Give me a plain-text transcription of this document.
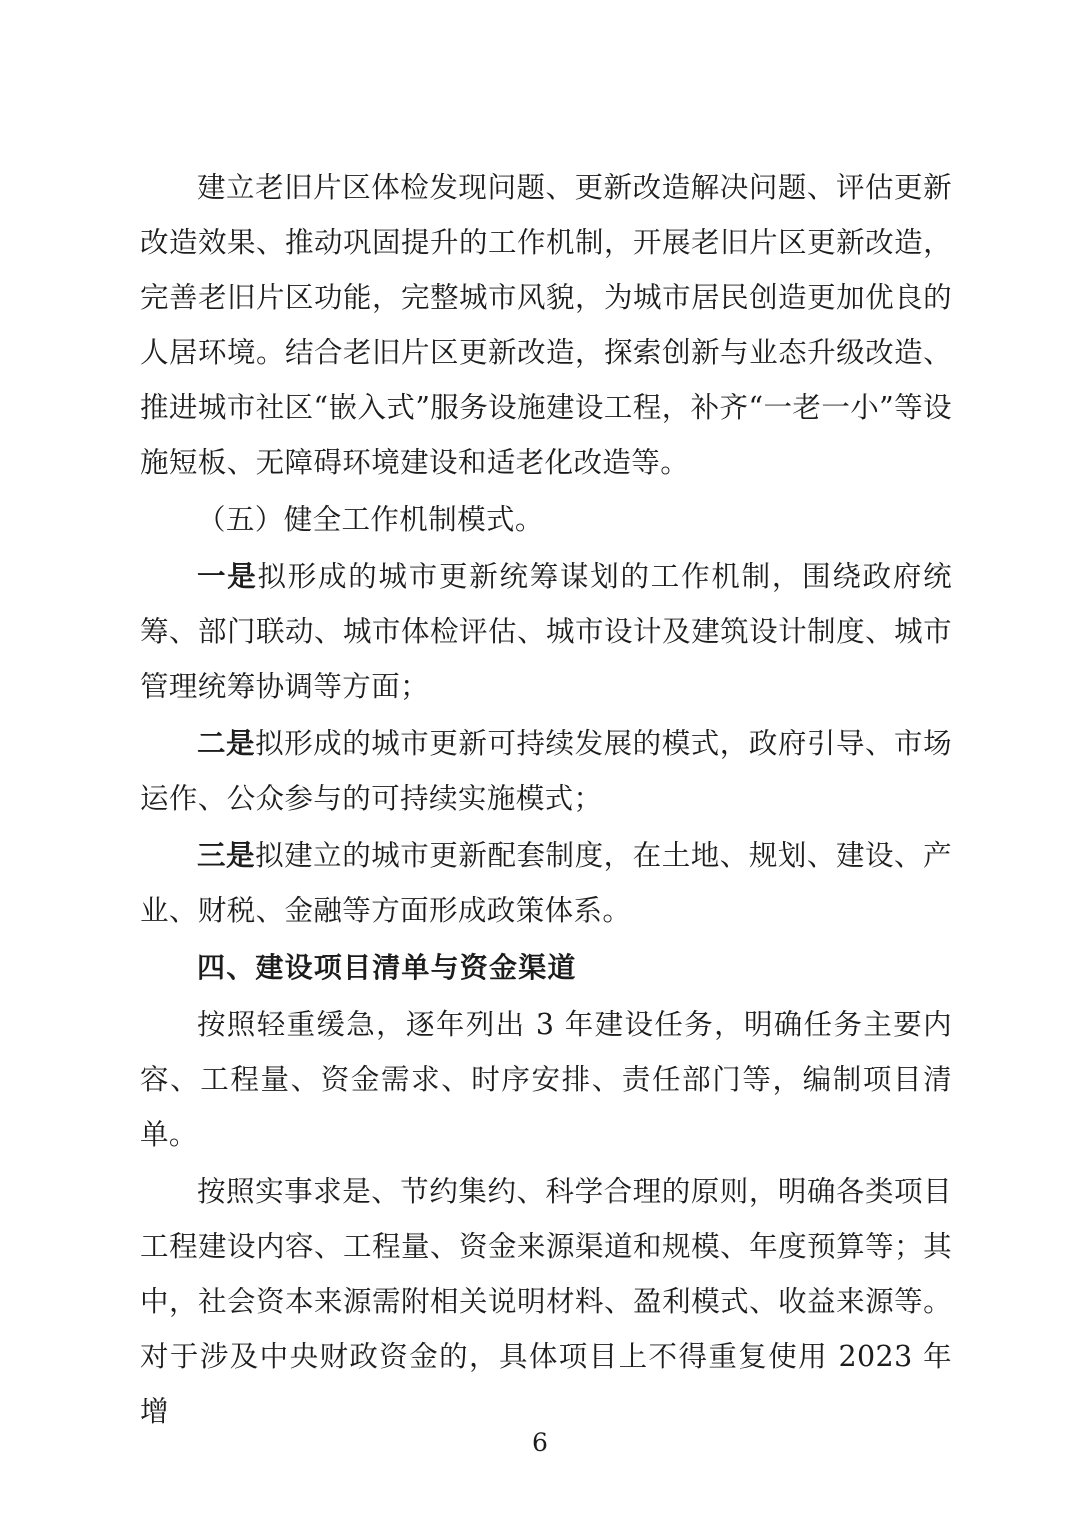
建立老旧片区体检发现问题、更新改造解决问题、评估更新改造效果、推动巩固提升的工作机制，开展老旧片区更新改造，完善老旧片区功能，完整城市风貌，为城市居民创造更加优良的人居环境。结合老旧片区更新改造，探索创新与业态升级改造、推进城市社区“嵌入式”服务设施建设工程，补齐“一老一小”等设施短板、无障碍环境建设和适老化改造等。

（五）健全工作机制模式。

一是拟形成的城市更新统筹谋划的工作机制，围绕政府统筹、部门联动、城市体检评估、城市设计及建筑设计制度、城市管理统筹协调等方面；

二是拟形成的城市更新可持续发展的模式，政府引导、市场运作、公众参与的可持续实施模式；

三是拟建立的城市更新配套制度，在土地、规划、建设、产业、财税、金融等方面形成政策体系。

四、建设项目清单与资金渠道

按照轻重缓急，逐年列出 3 年建设任务，明确任务主要内容、工程量、资金需求、时序安排、责任部门等，编制项目清单。

按照实事求是、节约集约、科学合理的原则，明确各类项目工程建设内容、工程量、资金来源渠道和规模、年度预算等；其中，社会资本来源需附相关说明材料、盈利模式、收益来源等。对于涉及中央财政资金的，具体项目上不得重复使用 2023 年增

6
